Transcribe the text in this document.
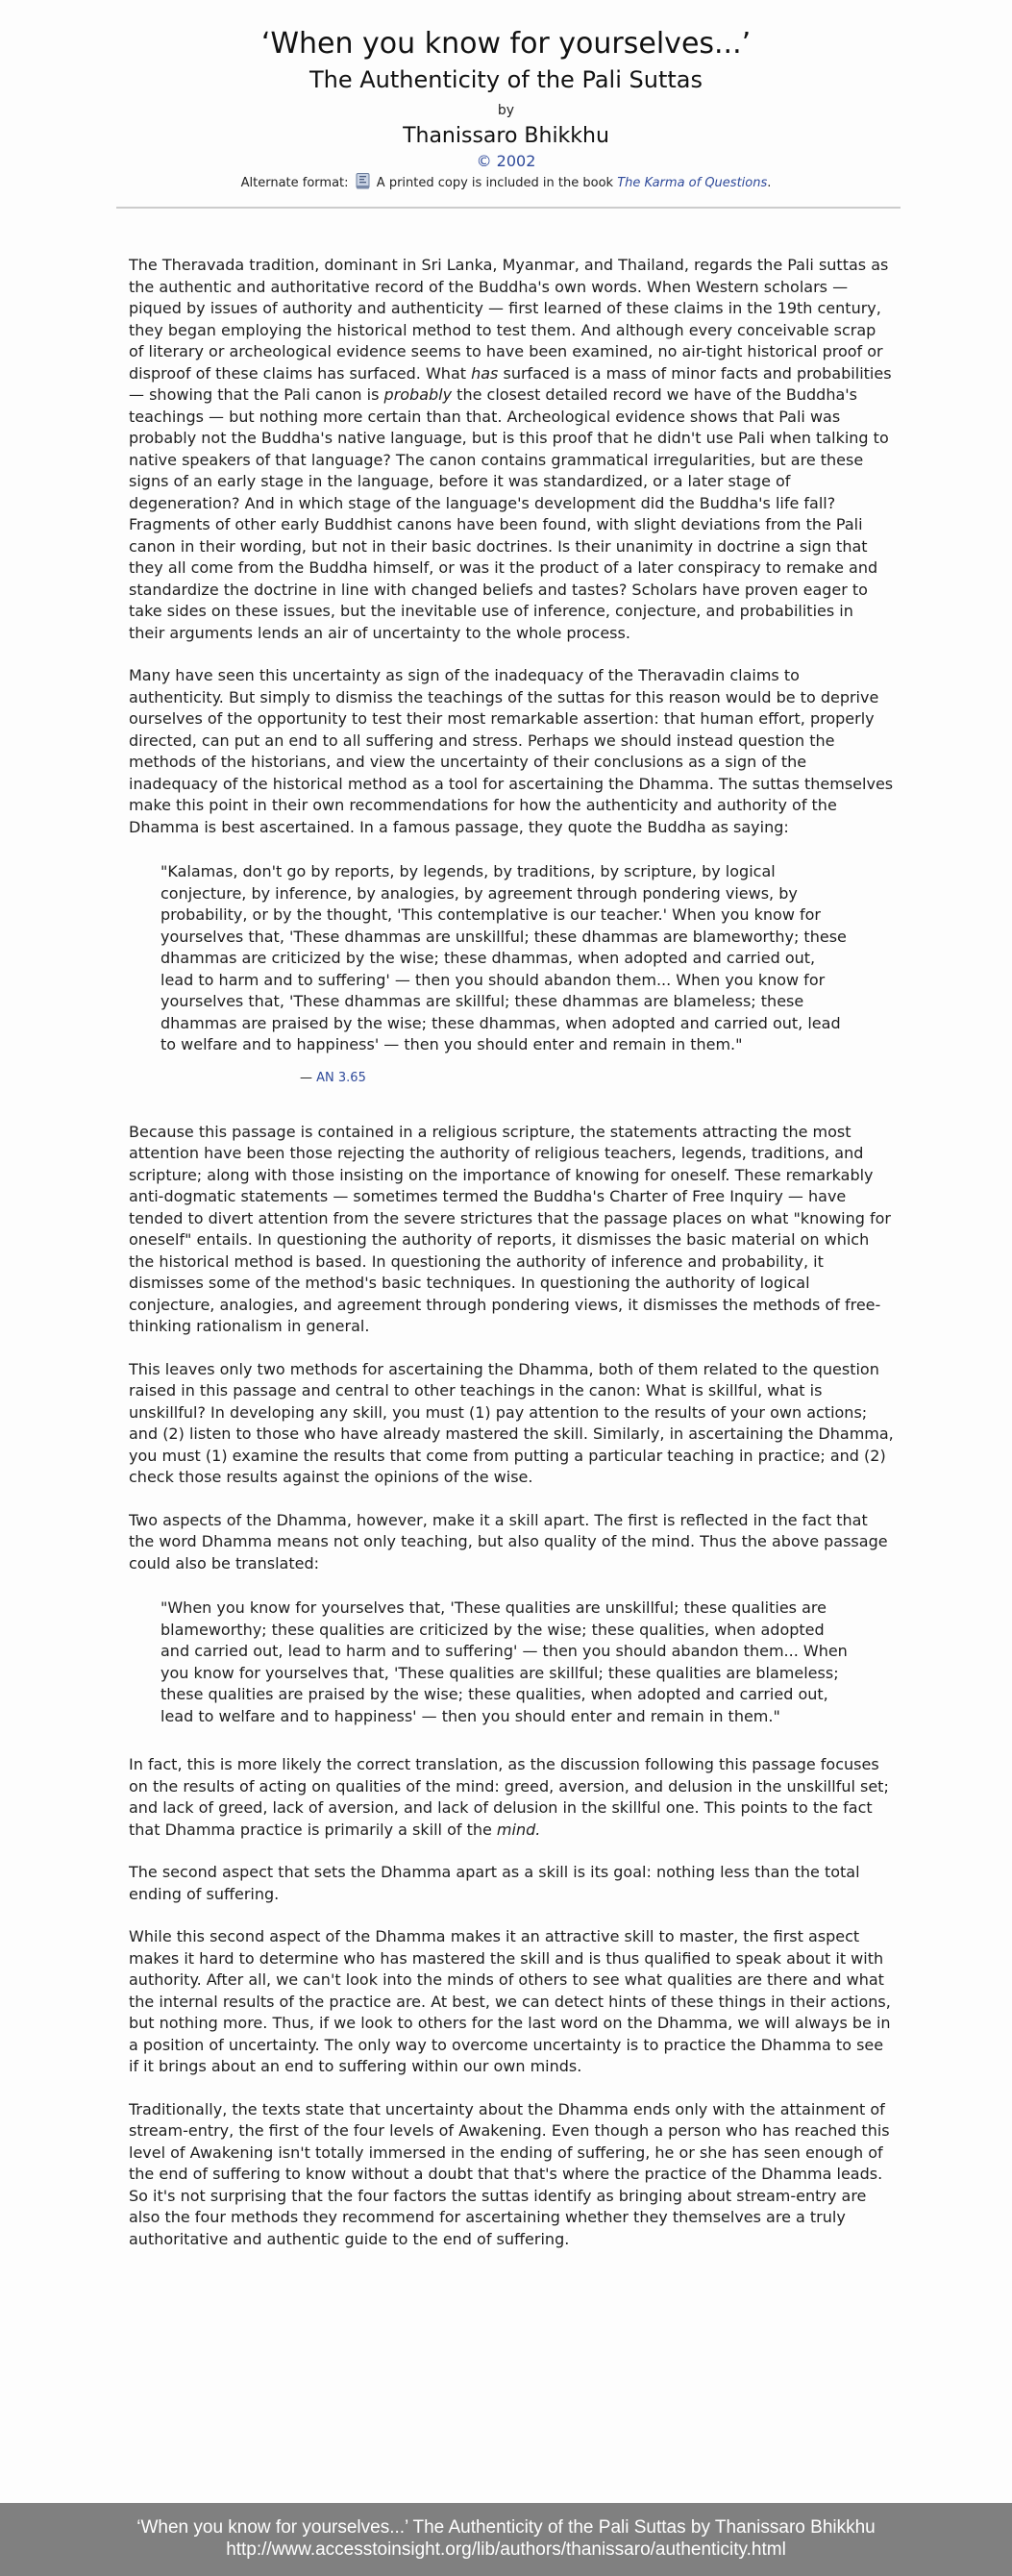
‘When you know for yourselves...’
The Authenticity of the Pali Suttas
by
Thanissaro Bhikkhu
© 2002
Alternate format: A printed copy is included in the book The Karma of Questions.

The Theravada tradition, dominant in Sri Lanka, Myanmar, and Thailand, regards the Pali suttas as the authentic and authoritative record of the Buddha's own words. When Western scholars — piqued by issues of authority and authenticity — first learned of these claims in the 19th century, they began employing the historical method to test them. And although every conceivable scrap of literary or archeological evidence seems to have been examined, no air-tight historical proof or disproof of these claims has surfaced. What has surfaced is a mass of minor facts and probabilities — showing that the Pali canon is probably the closest detailed record we have of the Buddha's teachings — but nothing more certain than that. Archeological evidence shows that Pali was probably not the Buddha's native language, but is this proof that he didn't use Pali when talking to native speakers of that language? The canon contains grammatical irregularities, but are these signs of an early stage in the language, before it was standardized, or a later stage of degeneration? And in which stage of the language's development did the Buddha's life fall? Fragments of other early Buddhist canons have been found, with slight deviations from the Pali canon in their wording, but not in their basic doctrines. Is their unanimity in doctrine a sign that they all come from the Buddha himself, or was it the product of a later conspiracy to remake and standardize the doctrine in line with changed beliefs and tastes? Scholars have proven eager to take sides on these issues, but the inevitable use of inference, conjecture, and probabilities in their arguments lends an air of uncertainty to the whole process.

Many have seen this uncertainty as sign of the inadequacy of the Theravadin claims to authenticity. But simply to dismiss the teachings of the suttas for this reason would be to deprive ourselves of the opportunity to test their most remarkable assertion: that human effort, properly directed, can put an end to all suffering and stress. Perhaps we should instead question the methods of the historians, and view the uncertainty of their conclusions as a sign of the inadequacy of the historical method as a tool for ascertaining the Dhamma. The suttas themselves make this point in their own recommendations for how the authenticity and authority of the Dhamma is best ascertained. In a famous passage, they quote the Buddha as saying:

"Kalamas, don't go by reports, by legends, by traditions, by scripture, by logical conjecture, by inference, by analogies, by agreement through pondering views, by probability, or by the thought, 'This contemplative is our teacher.' When you know for yourselves that, 'These dhammas are unskillful; these dhammas are blameworthy; these dhammas are criticized by the wise; these dhammas, when adopted and carried out, lead to harm and to suffering' — then you should abandon them... When you know for yourselves that, 'These dhammas are skillful; these dhammas are blameless; these dhammas are praised by the wise; these dhammas, when adopted and carried out, lead to welfare and to happiness' — then you should enter and remain in them."

— AN 3.65

Because this passage is contained in a religious scripture, the statements attracting the most attention have been those rejecting the authority of religious teachers, legends, traditions, and scripture; along with those insisting on the importance of knowing for oneself. These remarkably anti-dogmatic statements — sometimes termed the Buddha's Charter of Free Inquiry — have tended to divert attention from the severe strictures that the passage places on what "knowing for oneself" entails. In questioning the authority of reports, it dismisses the basic material on which the historical method is based. In questioning the authority of inference and probability, it dismisses some of the method's basic techniques. In questioning the authority of logical conjecture, analogies, and agreement through pondering views, it dismisses the methods of free-thinking rationalism in general.

This leaves only two methods for ascertaining the Dhamma, both of them related to the question raised in this passage and central to other teachings in the canon: What is skillful, what is unskillful? In developing any skill, you must (1) pay attention to the results of your own actions; and (2) listen to those who have already mastered the skill. Similarly, in ascertaining the Dhamma, you must (1) examine the results that come from putting a particular teaching in practice; and (2) check those results against the opinions of the wise.

Two aspects of the Dhamma, however, make it a skill apart. The first is reflected in the fact that the word Dhamma means not only teaching, but also quality of the mind. Thus the above passage could also be translated:

"When you know for yourselves that, 'These qualities are unskillful; these qualities are blameworthy; these qualities are criticized by the wise; these qualities, when adopted and carried out, lead to harm and to suffering' — then you should abandon them... When you know for yourselves that, 'These qualities are skillful; these qualities are blameless; these qualities are praised by the wise; these qualities, when adopted and carried out, lead to welfare and to happiness' — then you should enter and remain in them."

In fact, this is more likely the correct translation, as the discussion following this passage focuses on the results of acting on qualities of the mind: greed, aversion, and delusion in the unskillful set; and lack of greed, lack of aversion, and lack of delusion in the skillful one. This points to the fact that Dhamma practice is primarily a skill of the mind.

The second aspect that sets the Dhamma apart as a skill is its goal: nothing less than the total ending of suffering.

While this second aspect of the Dhamma makes it an attractive skill to master, the first aspect makes it hard to determine who has mastered the skill and is thus qualified to speak about it with authority. After all, we can't look into the minds of others to see what qualities are there and what the internal results of the practice are. At best, we can detect hints of these things in their actions, but nothing more. Thus, if we look to others for the last word on the Dhamma, we will always be in a position of uncertainty. The only way to overcome uncertainty is to practice the Dhamma to see if it brings about an end to suffering within our own minds.

Traditionally, the texts state that uncertainty about the Dhamma ends only with the attainment of stream-entry, the first of the four levels of Awakening. Even though a person who has reached this level of Awakening isn't totally immersed in the ending of suffering, he or she has seen enough of the end of suffering to know without a doubt that that's where the practice of the Dhamma leads. So it's not surprising that the four factors the suttas identify as bringing about stream-entry are also the four methods they recommend for ascertaining whether they themselves are a truly authoritative and authentic guide to the end of suffering.

‘When you know for yourselves...’ The Authenticity of the Pali Suttas by Thanissaro Bhikkhu
http://www.accesstoinsight.org/lib/authors/thanissaro/authenticity.html
